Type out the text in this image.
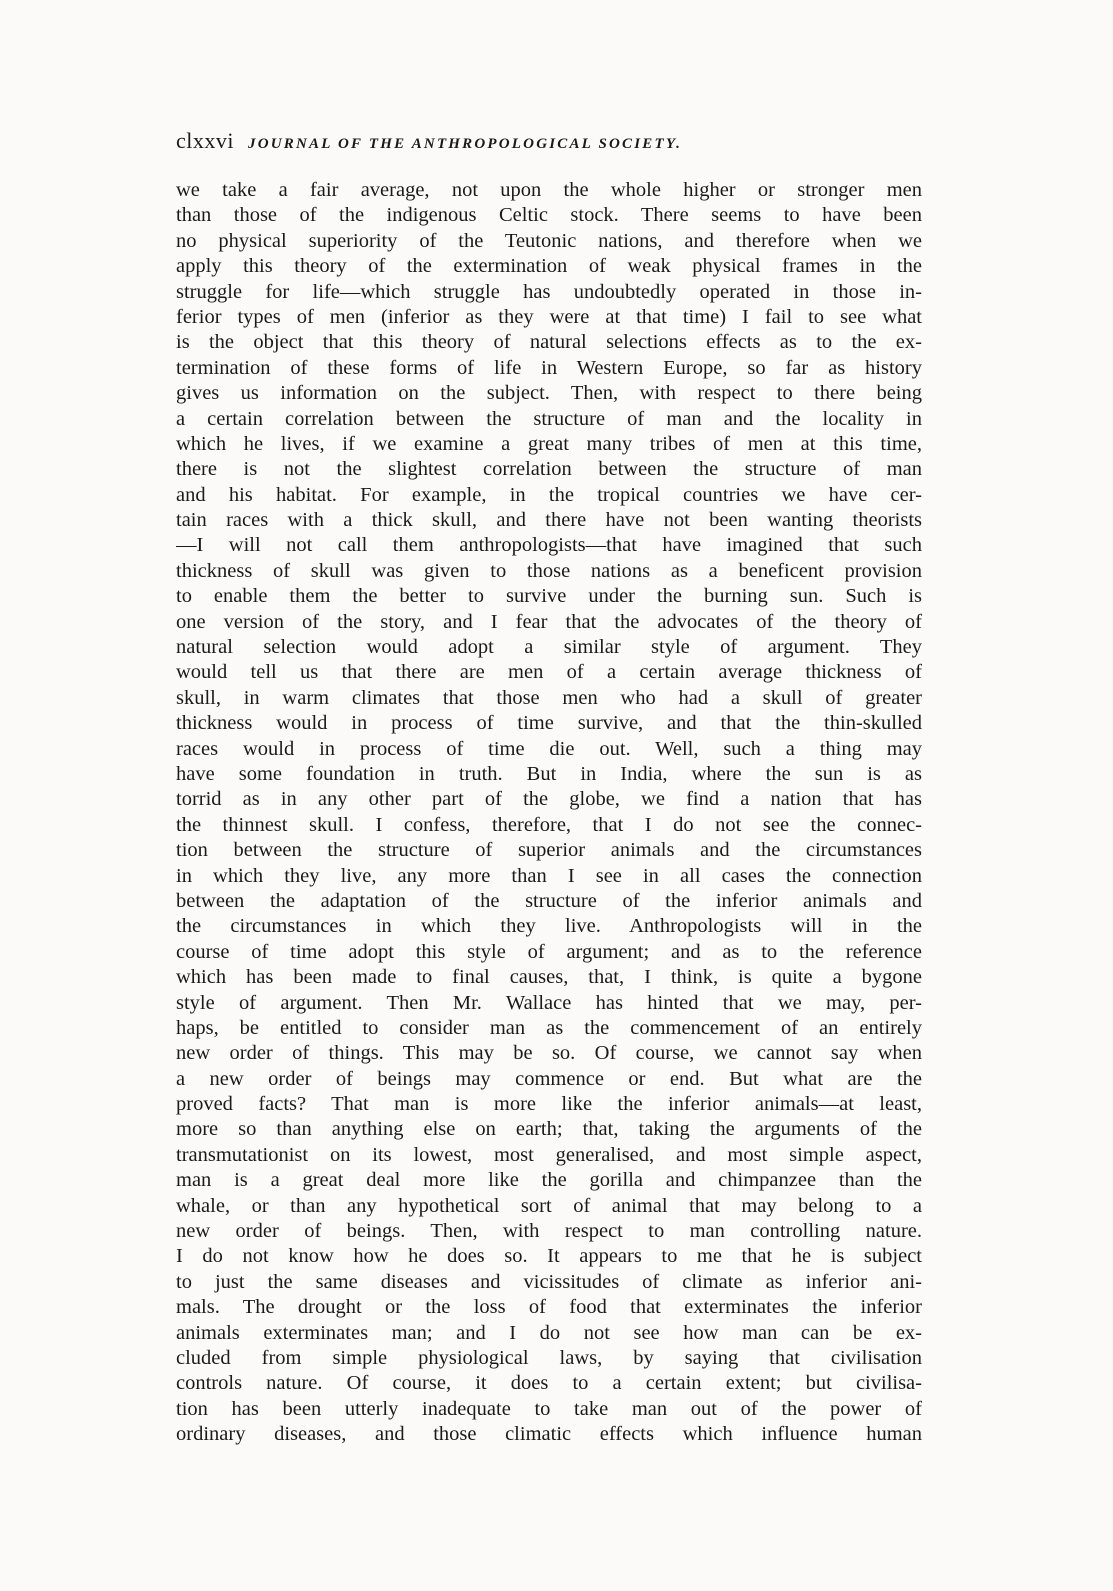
clxxvi JOURNAL OF THE ANTHROPOLOGICAL SOCIETY.
we take a fair average, not upon the whole higher or stronger men
than those of the indigenous Celtic stock. There seems to have been
no physical superiority of the Teutonic nations, and therefore when we
apply this theory of the extermination of weak physical frames in the
struggle for life—which struggle has undoubtedly operated in those in-
ferior types of men (inferior as they were at that time) I fail to see what
is the object that this theory of natural selections effects as to the ex-
termination of these forms of life in Western Europe, so far as history
gives us information on the subject. Then, with respect to there being
a certain correlation between the structure of man and the locality in
which he lives, if we examine a great many tribes of men at this time,
there is not the slightest correlation between the structure of man
and his habitat. For example, in the tropical countries we have cer-
tain races with a thick skull, and there have not been wanting theorists
—I will not call them anthropologists—that have imagined that such
thickness of skull was given to those nations as a beneficent provision
to enable them the better to survive under the burning sun. Such is
one version of the story, and I fear that the advocates of the theory of
natural selection would adopt a similar style of argument. They
would tell us that there are men of a certain average thickness of
skull, in warm climates that those men who had a skull of greater
thickness would in process of time survive, and that the thin-skulled
races would in process of time die out. Well, such a thing may
have some foundation in truth. But in India, where the sun is as
torrid as in any other part of the globe, we find a nation that has
the thinnest skull. I confess, therefore, that I do not see the connec-
tion between the structure of superior animals and the circumstances
in which they live, any more than I see in all cases the connection
between the adaptation of the structure of the inferior animals and
the circumstances in which they live. Anthropologists will in the
course of time adopt this style of argument; and as to the reference
which has been made to final causes, that, I think, is quite a bygone
style of argument. Then Mr. Wallace has hinted that we may, per-
haps, be entitled to consider man as the commencement of an entirely
new order of things. This may be so. Of course, we cannot say when
a new order of beings may commence or end. But what are the
proved facts? That man is more like the inferior animals—at least,
more so than anything else on earth; that, taking the arguments of the
transmutationist on its lowest, most generalised, and most simple aspect,
man is a great deal more like the gorilla and chimpanzee than the
whale, or than any hypothetical sort of animal that may belong to a
new order of beings. Then, with respect to man controlling nature.
I do not know how he does so. It appears to me that he is subject
to just the same diseases and vicissitudes of climate as inferior ani-
mals. The drought or the loss of food that exterminates the inferior
animals exterminates man; and I do not see how man can be ex-
cluded from simple physiological laws, by saying that civilisation
controls nature. Of course, it does to a certain extent; but civilisa-
tion has been utterly inadequate to take man out of the power of
ordinary diseases, and those climatic effects which influence human
